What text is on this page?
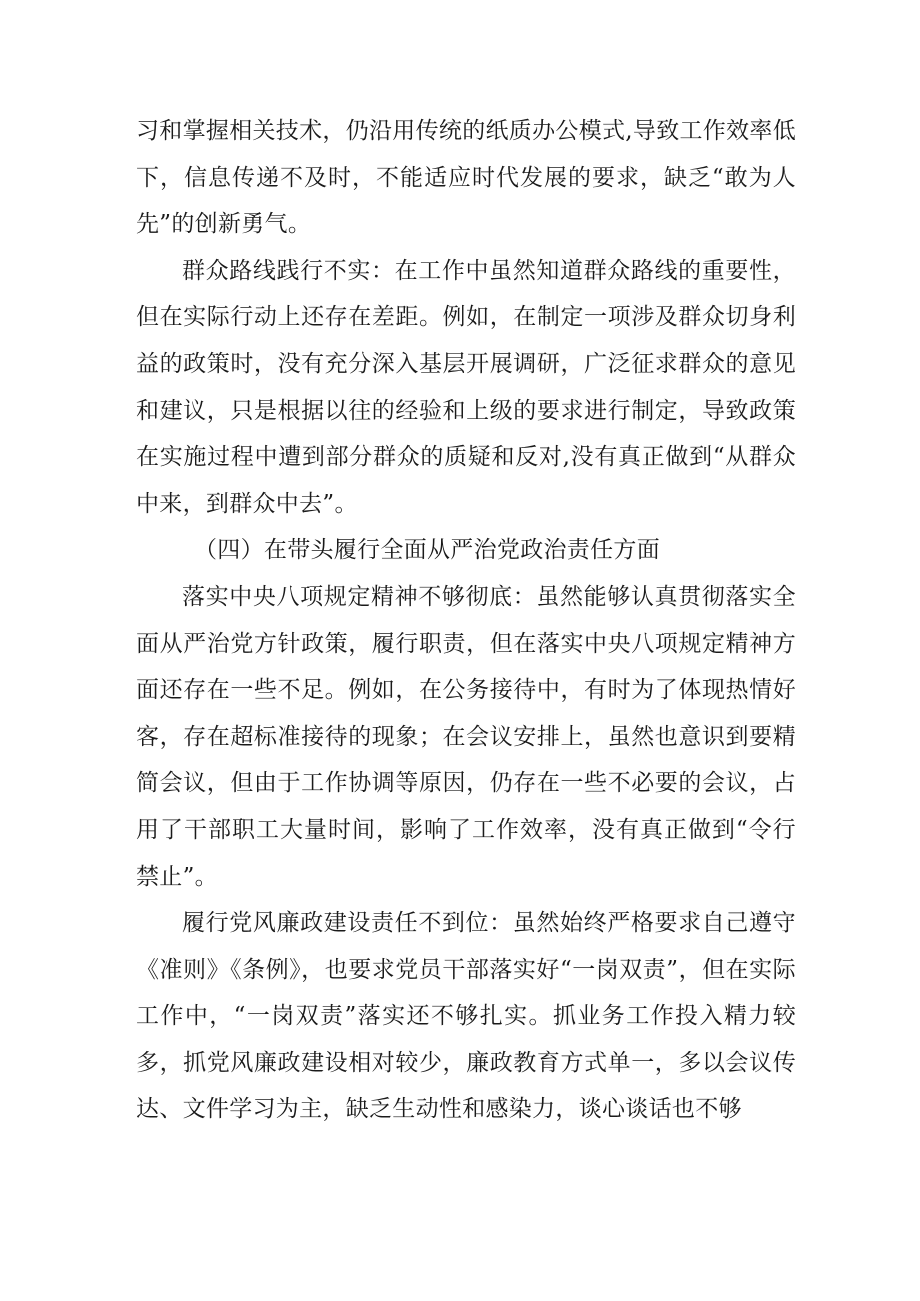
习和掌握相关技术，仍沿用传统的纸质办公模式,导致工作效率低下，信息传递不及时，不能适应时代发展的要求，缺乏“敢为人先”的创新勇气。

群众路线践行不实：在工作中虽然知道群众路线的重要性，但在实际行动上还存在差距。例如，在制定一项涉及群众切身利益的政策时，没有充分深入基层开展调研，广泛征求群众的意见和建议，只是根据以往的经验和上级的要求进行制定，导致政策在实施过程中遭到部分群众的质疑和反对,没有真正做到“从群众中来，到群众中去”。

（四）在带头履行全面从严治党政治责任方面

落实中央八项规定精神不够彻底：虽然能够认真贯彻落实全面从严治党方针政策，履行职责，但在落实中央八项规定精神方面还存在一些不足。例如，在公务接待中，有时为了体现热情好客，存在超标准接待的现象；在会议安排上，虽然也意识到要精简会议，但由于工作协调等原因，仍存在一些不必要的会议，占用了干部职工大量时间，影响了工作效率，没有真正做到“令行禁止”。

履行党风廉政建设责任不到位：虽然始终严格要求自己遵守《准则》《条例》，也要求党员干部落实好“一岗双责”，但在实际工作中，“一岗双责”落实还不够扎实。抓业务工作投入精力较多，抓党风廉政建设相对较少，廉政教育方式单一，多以会议传达、文件学习为主，缺乏生动性和感染力，谈心谈话也不够
